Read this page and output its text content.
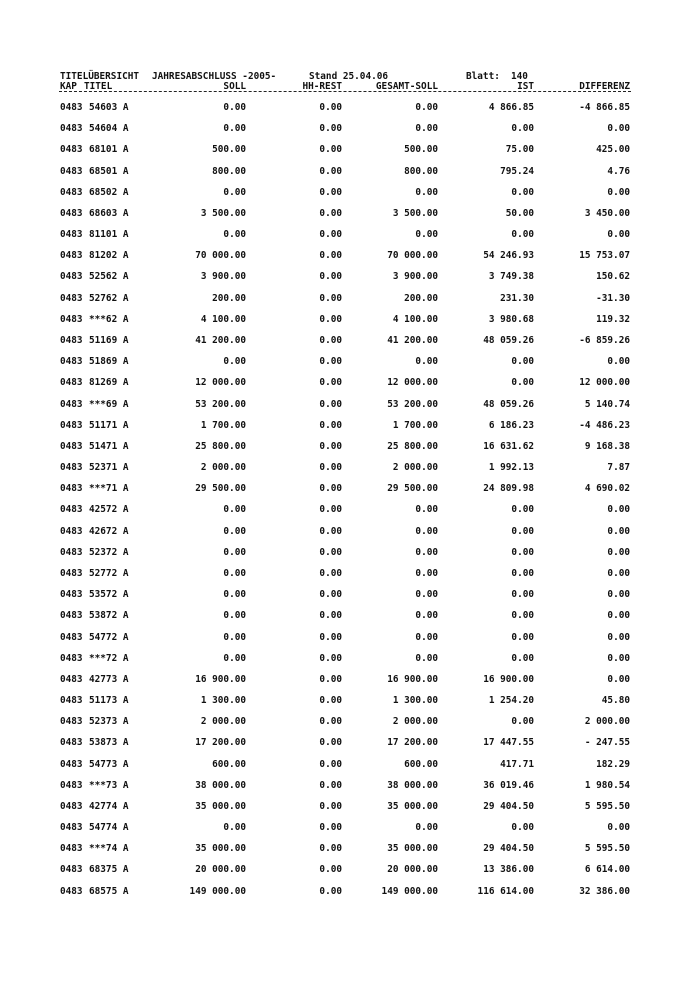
TITELÜBERSICHT JAHRESABSCHLUSS -2005-	Stand 25.04.06	Blatt: 140
KAP TITEL	SOLL	HH-REST	GESAMT-SOLL	IST	DIFFERENZ
0483 54603 A	0.00	0.00	0.00	4 866.85	-4 866.85
0483 54604 A	0.00	0.00	0.00	0.00	0.00
0483 68101 A	500.00	0.00	500.00	75.00	425.00
0483 68501 A	800.00	0.00	800.00	795.24	4.76
0483 68502 A	0.00	0.00	0.00	0.00	0.00
0483 68603 A	3 500.00	0.00	3 500.00	50.00	3 450.00
0483 81101 A	0.00	0.00	0.00	0.00	0.00
0483 81202 A	70 000.00	0.00	70 000.00	54 246.93	15 753.07
0483 52562 A	3 900.00	0.00	3 900.00	3 749.38	150.62
0483 52762 A	200.00	0.00	200.00	231.30	-31.30
0483 ***62 A	4 100.00	0.00	4 100.00	3 980.68	119.32
0483 51169 A	41 200.00	0.00	41 200.00	48 059.26	-6 859.26
0483 51869 A	0.00	0.00	0.00	0.00	0.00
0483 81269 A	12 000.00	0.00	12 000.00	0.00	12 000.00
0483 ***69 A	53 200.00	0.00	53 200.00	48 059.26	5 140.74
0483 51171 A	1 700.00	0.00	1 700.00	6 186.23	-4 486.23
0483 51471 A	25 800.00	0.00	25 800.00	16 631.62	9 168.38
0483 52371 A	2 000.00	0.00	2 000.00	1 992.13	7.87
0483 ***71 A	29 500.00	0.00	29 500.00	24 809.98	4 690.02
0483 42572 A	0.00	0.00	0.00	0.00	0.00
0483 42672 A	0.00	0.00	0.00	0.00	0.00
0483 52372 A	0.00	0.00	0.00	0.00	0.00
0483 52772 A	0.00	0.00	0.00	0.00	0.00
0483 53572 A	0.00	0.00	0.00	0.00	0.00
0483 53872 A	0.00	0.00	0.00	0.00	0.00
0483 54772 A	0.00	0.00	0.00	0.00	0.00
0483 ***72 A	0.00	0.00	0.00	0.00	0.00
0483 42773 A	16 900.00	0.00	16 900.00	16 900.00	0.00
0483 51173 A	1 300.00	0.00	1 300.00	1 254.20	45.80
0483 52373 A	2 000.00	0.00	2 000.00	0.00	2 000.00
0483 53873 A	17 200.00	0.00	17 200.00	17 447.55	- 247.55
0483 54773 A	600.00	0.00	600.00	417.71	182.29
0483 ***73 A	38 000.00	0.00	38 000.00	36 019.46	1 980.54
0483 42774 A	35 000.00	0.00	35 000.00	29 404.50	5 595.50
0483 54774 A	0.00	0.00	0.00	0.00	0.00
0483 ***74 A	35 000.00	0.00	35 000.00	29 404.50	5 595.50
0483 68375 A	20 000.00	0.00	20 000.00	13 386.00	6 614.00
0483 68575 A	149 000.00	0.00	149 000.00	116 614.00	32 386.00
